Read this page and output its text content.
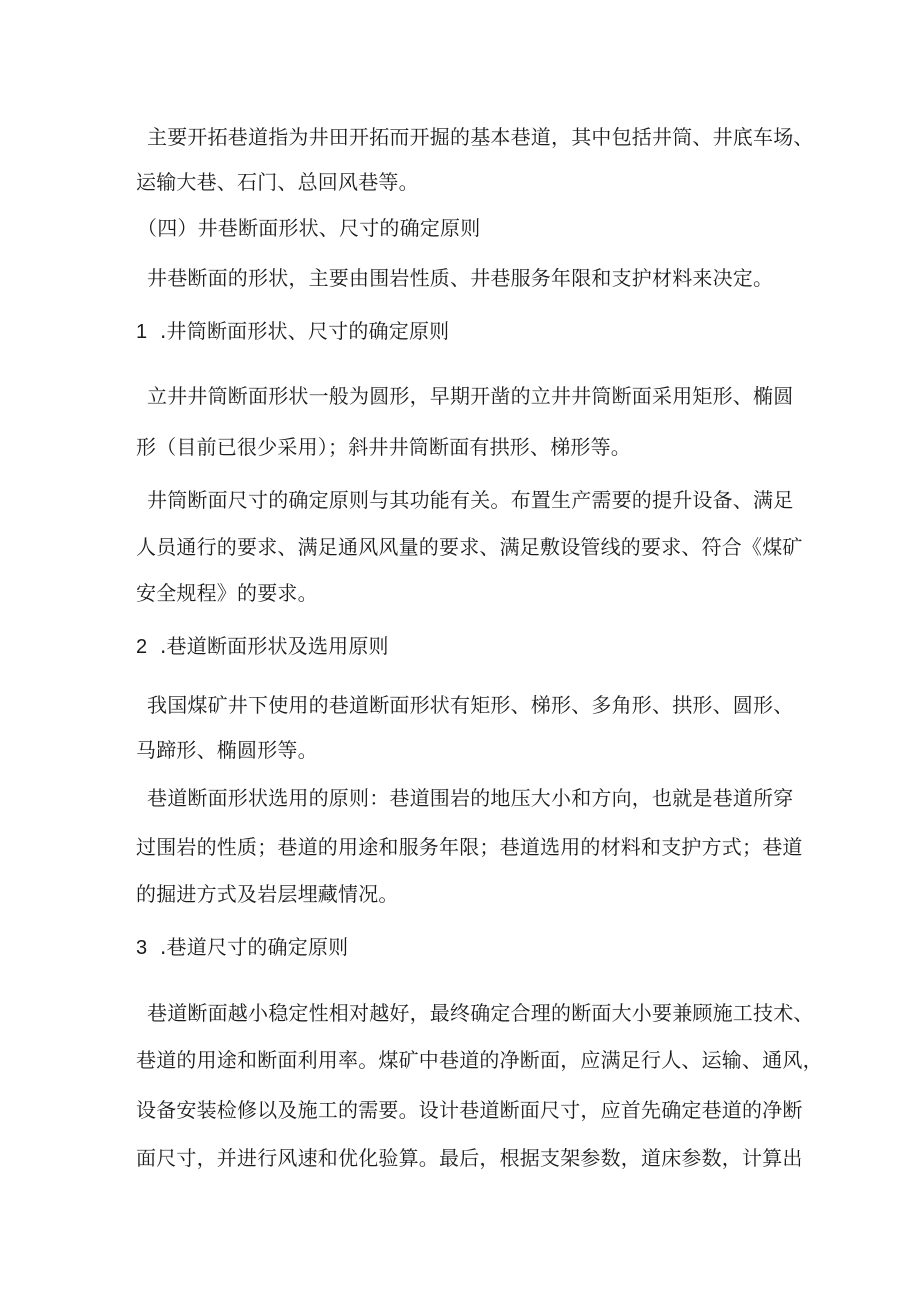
主要开拓巷道指为井田开拓而开掘的基本巷道，其中包括井筒、井底车场、
运输大巷、石门、总回风巷等。
（四）井巷断面形状、尺寸的确定原则
井巷断面的形状，主要由围岩性质、井巷服务年限和支护材料来决定。
1 .井筒断面形状、尺寸的确定原则
立井井筒断面形状一般为圆形，早期开凿的立井井筒断面采用矩形、椭圆
形（目前已很少采用）；斜井井筒断面有拱形、梯形等。
井筒断面尺寸的确定原则与其功能有关。布置生产需要的提升设备、满足
人员通行的要求、满足通风风量的要求、满足敷设管线的要求、符合《煤矿
安全规程》的要求。
2 .巷道断面形状及选用原则
我国煤矿井下使用的巷道断面形状有矩形、梯形、多角形、拱形、圆形、
马蹄形、椭圆形等。
巷道断面形状选用的原则：巷道围岩的地压大小和方向，也就是巷道所穿
过围岩的性质；巷道的用途和服务年限；巷道选用的材料和支护方式；巷道
的掘进方式及岩层埋藏情况。
3 .巷道尺寸的确定原则
巷道断面越小稳定性相对越好，最终确定合理的断面大小要兼顾施工技术、
巷道的用途和断面利用率。煤矿中巷道的净断面，应满足行人、运输、通风，
设备安装检修以及施工的需要。设计巷道断面尺寸，应首先确定巷道的净断
面尺寸，并进行风速和优化验算。最后，根据支架参数，道床参数，计算出
